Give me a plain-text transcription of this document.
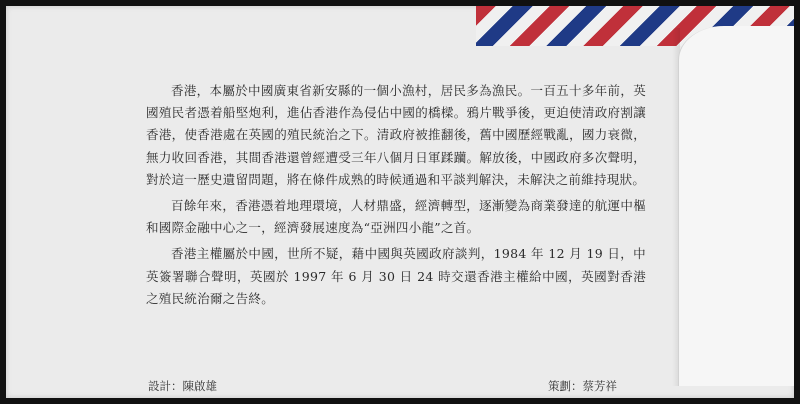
香港，本屬於中國廣東省新安縣的一個小漁村，居民多為漁民。一百五十多年前，英國殖民者憑着船堅炮利，進佔香港作為侵佔中國的橋樑。鴉片戰爭後，更迫使清政府割讓香港，使香港處在英國的殖民統治之下。清政府被推翻後，舊中國歷經戰亂，國力衰微，無力收回香港，其間香港還曾經遭受三年八個月日軍蹂躪。解放後，中國政府多次聲明，對於這一歷史遺留問題，將在條件成熟的時候通過和平談判解決，未解決之前維持現狀。

百餘年來，香港憑着地理環境，人材鼎盛，經濟轉型，逐漸變為商業發達的航運中樞和國際金融中心之一，經濟發展速度為“亞洲四小龍”之首。

香港主權屬於中國，世所不疑，藉中國與英國政府談判，1984 年 12 月 19 日，中英簽署聯合聲明，英國於 1997 年 6 月 30 日 24 時交還香港主權給中國，英國對香港之殖民統治爾之告終。

設計：陳啟雄	策劃：蔡芳祥
